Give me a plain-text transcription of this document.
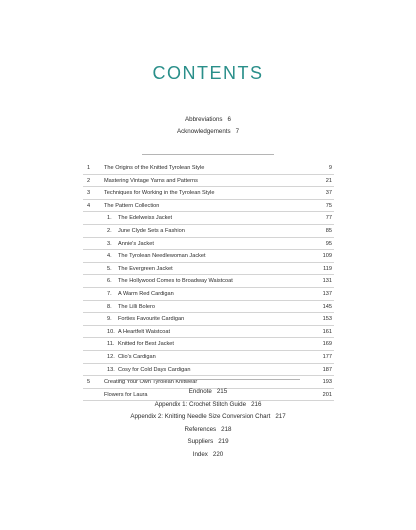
CONTENTS
Abbreviations 6
Acknowledgements 7
1 The Origins of the Knitted Tyrolean Style	9
2 Mastering Vintage Yarns and Patterns	21
3 Techniques for Working in the Tyrolean Style	37
4 The Pattern Collection	75
1. The Edelweiss Jacket	77
2. June Clyde Sets a Fashion	85
3. Annie's Jacket	95
4. The Tyrolean Needlewoman Jacket	109
5. The Evergreen Jacket	119
6. The Hollywood Comes to Broadway Waistcoat	131
7. A Warm Red Cardigan	137
8. The Lilli Bolero	145
9. Forties Favourite Cardigan	153
10. A Heartfelt Waistcoat	161
11. Knitted for Best Jacket	169
12. Clio's Cardigan	177
13. Cosy for Cold Days Cardigan	187
5 Creating Your Own Tyrolean Knitwear	193
Flowers for Laura	201
Endnote 215
Appendix 1: Crochet Stitch Guide 216
Appendix 2: Knitting Needle Size Conversion Chart 217
References 218
Suppliers 219
Index 220
